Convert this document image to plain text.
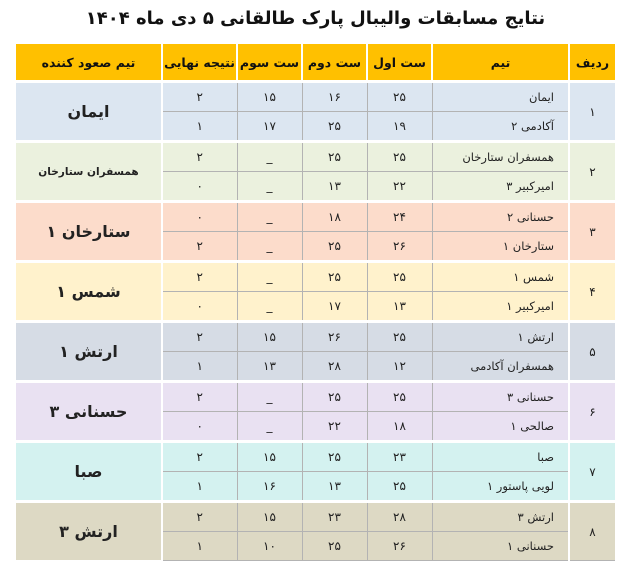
نتایج مسابقات والیبال پارک طالقانی ۵ دی ماه ۱۴۰۴
ردیف	تیم	ست اول	ست دوم	ست سوم	نتیجه نهایی	تیم صعود کننده
۱	ایمان	۲۵	۱۶	۱۵	۲	ایمان
	آکادمی ۲	۱۹	۲۵	۱۷	۱	
۲	همسفران ستارخان	۲۵	۲۵	_	۲	همسفران ستارخان
	امیرکبیر ۳	۲۲	۱۳	_	۰	
۳	حسنانی ۲	۲۴	۱۸	_	۰	ستارخان ۱
	ستارخان ۱	۲۶	۲۵	_	۲	
۴	شمس ۱	۲۵	۲۵	_	۲	شمس ۱
	امیرکبیر ۱	۱۳	۱۷	_	۰	
۵	ارتش ۱	۲۵	۲۶	۱۵	۲	ارتش ۱
	همسفران آکادمی	۱۲	۲۸	۱۳	۱	
۶	حسنانی ۳	۲۵	۲۵	_	۲	حسنانی ۳
	صالحی ۱	۱۸	۲۲	_	۰	
۷	صبا	۲۳	۲۵	۱۵	۲	صبا
	لویی پاستور ۱	۲۵	۱۳	۱۶	۱	
۸	ارتش ۳	۲۸	۲۳	۱۵	۲	ارتش ۳
	حسنانی ۱	۲۶	۲۵	۱۰	۱	
